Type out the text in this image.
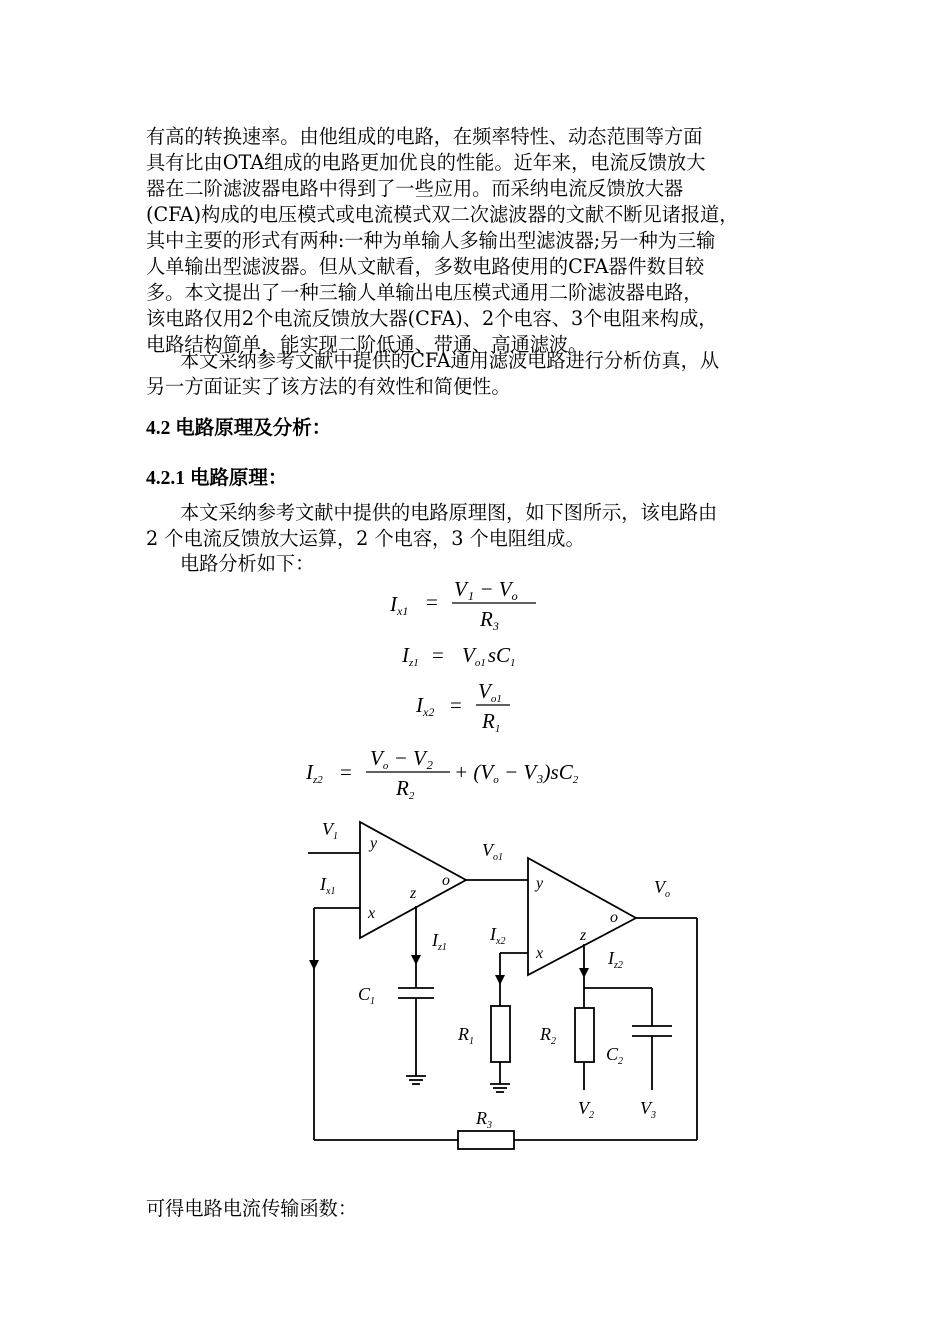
有高的转换速率。由他组成的电路，在频率特性、动态范围等方面
具有比由OTA组成的电路更加优良的性能。近年来，电流反馈放大
器在二阶滤波器电路中得到了一些应用。而采纳电流反馈放大器
(CFA)构成的电压模式或电流模式双二次滤波器的文献不断见诸报道，
其中主要的形式有两种:一种为单输人多输出型滤波器;另一种为三输
人单输出型滤波器。但从文献看，多数电路使用的CFA器件数目较
多。本文提出了一种三输人单输出电压模式通用二阶滤波器电路，
该电路仅用2个电流反馈放大器(CFA)、2个电容、3个电阻来构成，
电路结构简单，能实现二阶低通、带通、高通滤波。
本文采纳参考文献中提供的CFA通用滤波电路进行分析仿真，从
另一方面证实了该方法的有效性和简便性。
4.2 电路原理及分析：
4.2.1 电路原理：
本文采纳参考文献中提供的电路原理图，如下图所示，该电路由
2 个电流反馈放大运算，2 个电容，3 个电阻组成。
电路分析如下：
Ix1 =
V₁ − Vo
R3
Iz1 = Vo1sC1
Ix2 =
Vo1
R1
Iz2 =
Vo − V₂
R2
+ (Vo − V₃)sC2
$V_1$ y
$I_{x1}$
x
z
o
$V_{o1}$
$I_{z1}$
$C_1$
y
x
z
o
$V_o$
$I_{x2}$
$I_{z2}$
$R_1$	$R_2$
$C_2$
$V_2$	$V_3$
$R_3$
可得电路电流传输函数：
